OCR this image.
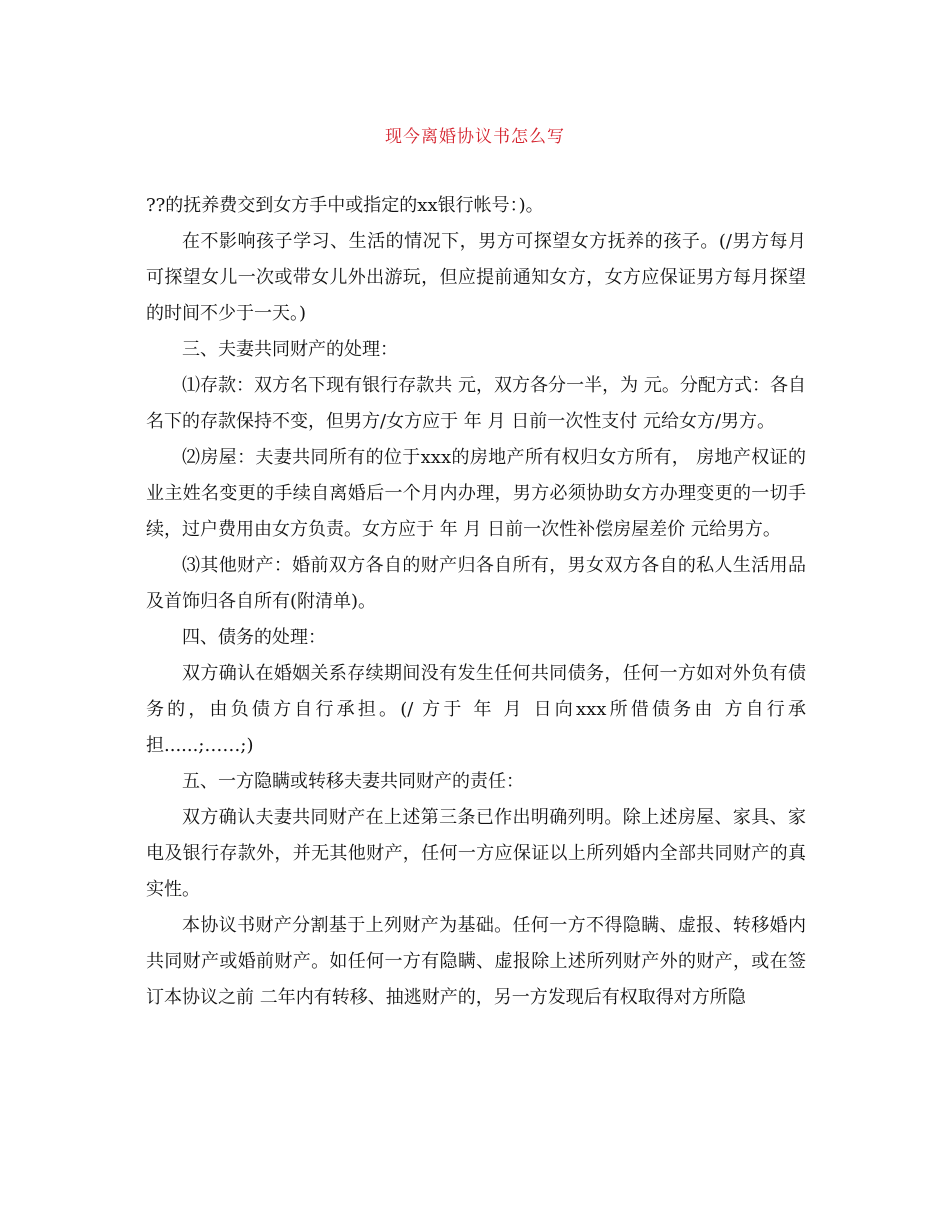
现今离婚协议书怎么写

??的抚养费交到女方手中或指定的xx银行帐号：)。

在不影响孩子学习、生活的情况下，男方可探望女方抚养的孩子。(/男方每月可探望女儿一次或带女儿外出游玩，但应提前通知女方，女方应保证男方每月探望的时间不少于一天。)

三、夫妻共同财产的处理：

⑴存款：双方名下现有银行存款共 元，双方各分一半，为 元。分配方式：各自名下的存款保持不变，但男方/女方应于 年 月 日前一次性支付 元给女方/男方。

⑵房屋：夫妻共同所有的位于xxx的房地产所有权归女方所有， 房地产权证的业主姓名变更的手续自离婚后一个月内办理，男方必须协助女方办理变更的一切手续，过户费用由女方负责。女方应于 年 月 日前一次性补偿房屋差价 元给男方。

⑶其他财产：婚前双方各自的财产归各自所有，男女双方各自的私人生活用品及首饰归各自所有(附清单)。

四、债务的处理：

双方确认在婚姻关系存续期间没有发生任何共同债务，任何一方如对外负有债务的，由负债方自行承担。(/ 方于 年 月 日向xxx所借债务由 方自行承担......;……;)

五、一方隐瞒或转移夫妻共同财产的责任：

双方确认夫妻共同财产在上述第三条已作出明确列明。除上述房屋、家具、家电及银行存款外，并无其他财产，任何一方应保证以上所列婚内全部共同财产的真实性。

本协议书财产分割基于上列财产为基础。任何一方不得隐瞒、虚报、转移婚内共同财产或婚前财产。如任何一方有隐瞒、虚报除上述所列财产外的财产，或在签订本协议之前 二年内有转移、抽逃财产的，另一方发现后有权取得对方所隐
